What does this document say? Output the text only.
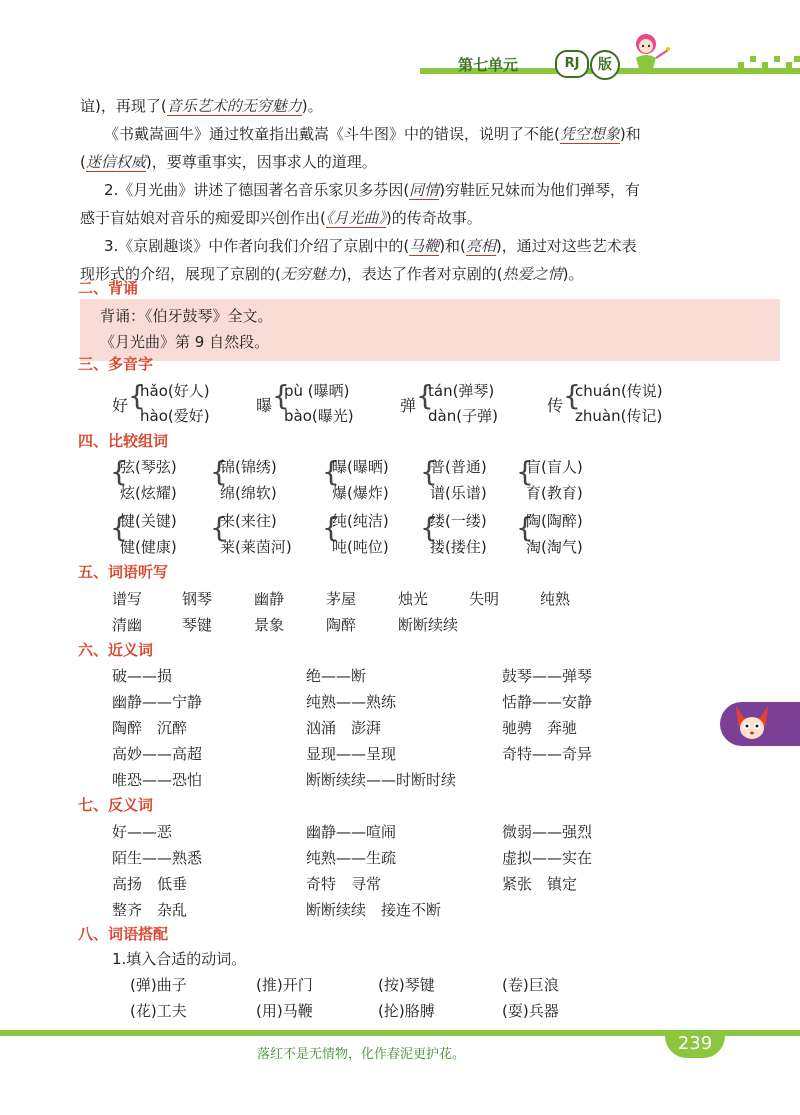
第七单元	RJ	版
谊)，再现了(音乐艺术的无穷魅力)。
《书戴嵩画牛》通过牧童指出戴嵩《斗牛图》中的错误，说明了不能(凭空想象)和
(迷信权威)，要尊重事实，因事求人的道理。
2.《月光曲》讲述了德国著名音乐家贝多芬因(同情)穷鞋匠兄妹而为他们弹琴，有
感于盲姑娘对音乐的痴爱即兴创作出(《月光曲》)的传奇故事。
3.《京剧趣谈》中作者向我们介绍了京剧中的(马鞭)和(亮相)，通过对这些艺术表
现形式的介绍，展现了京剧的(无穷魅力)，表达了作者对京剧的(热爱之情)。
二、背诵
背诵：《伯牙鼓琴》全文。
《月光曲》第 9 自然段。
三、多音字
好 {
hǎo(好人)
hào(爱好)
曝 {
pù (曝晒)
bào(曝光)
弹 {
tán(弹琴)
dàn(子弹)
传 {
chuán(传说)
zhuàn(传记)
四、比较组词
{	{	{	{	{
{	{	{	{	{
弦(琴弦)	锦(锦绣)	曝(曝晒)	普(普通)	盲(盲人)
炫(炫耀)	绵(绵软)	爆(爆炸)	谱(乐谱)	育(教育)
键(关键)	来(来往)	纯(纯洁)	缕(一缕)	陶(陶醉)
健(健康)	莱(莱茵河)	吨(吨位)	搂(搂住)	淘(淘气)
五、词语听写
谱写	钢琴	幽静	茅屋	烛光	失明	纯熟
清幽	琴键	景象	陶醉	断断续续
六、近义词
破——损	绝——断	鼓琴——弹琴
幽静——宁静	纯熟——熟练	恬静——安静
陶醉　沉醉	汹涌　澎湃	驰骋　奔驰
高妙——高超	显现——呈现	奇特——奇异
唯恐——恐怕	断断续续——时断时续
七、反义词
好——恶	幽静——喧闹	微弱——强烈
陌生——熟悉	纯熟——生疏	虚拟——实在
高扬　低垂	奇特　寻常	紧张　镇定
整齐　杂乱	断断续续　接连不断
八、词语搭配
1.填入合适的动词。
(弹)曲子	(推)开门	(按)琴键	(卷)巨浪
(花)工夫	(用)马鞭	(抡)胳膊	(耍)兵器
239
落红不是无情物，化作春泥更护花。
